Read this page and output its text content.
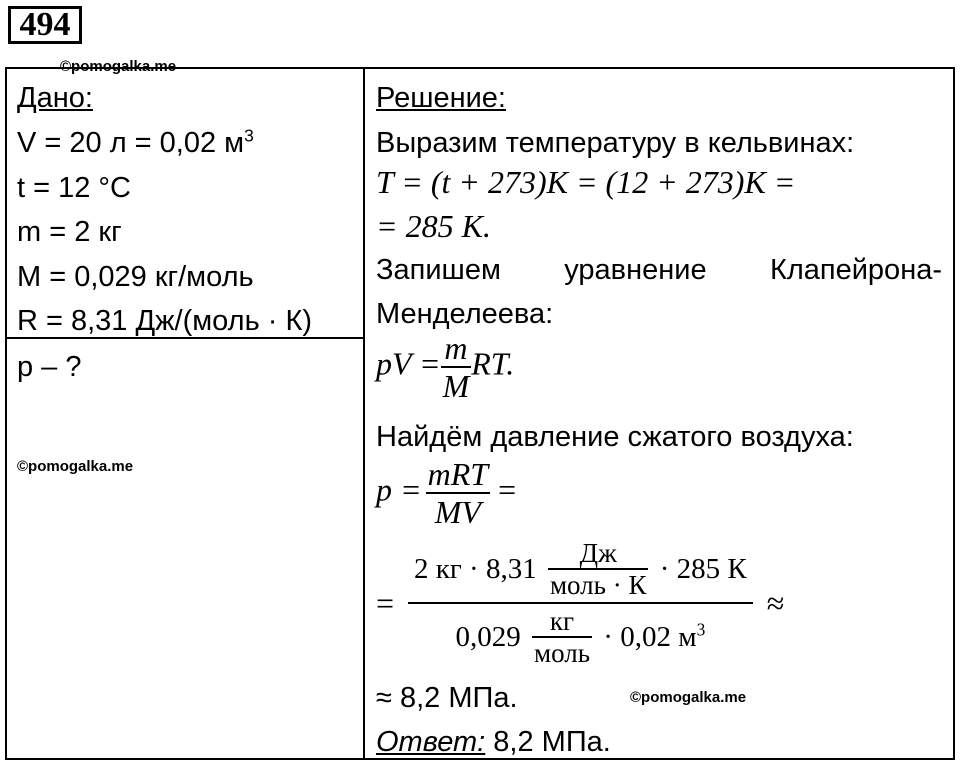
494
©pomogalka.me
©pomogalka.me
©pomogalka.me
Дано:
V = 20 л = 0,02 $м^3$
t = 12 °C
m = 2 кг
M = 0,029 кг/моль
R = 8,31 Дж/(моль · К)
p – ?
Решение:
Выразим температуру в кельвинах:
T = (t + 273)K = (12 + 273)K =
= 285 K.
Запишем уравнение Клапейрона-
Менделеева:
pV = $\frac{m}{M}$ RT.
Найдём давление сжатого воздуха:
$p = \frac{\text{mRT}}{MV}$ =
= $\frac{2 кг \cdot 8,31 \frac{Дж}{\text{моль · К}} \cdot 285 К}{0,029 \frac{кг}{\text{моль}} \cdot 0,02 м^3}$ ≈
≈ 8,2 МПа.
Ответ: 8,2 МПа.
